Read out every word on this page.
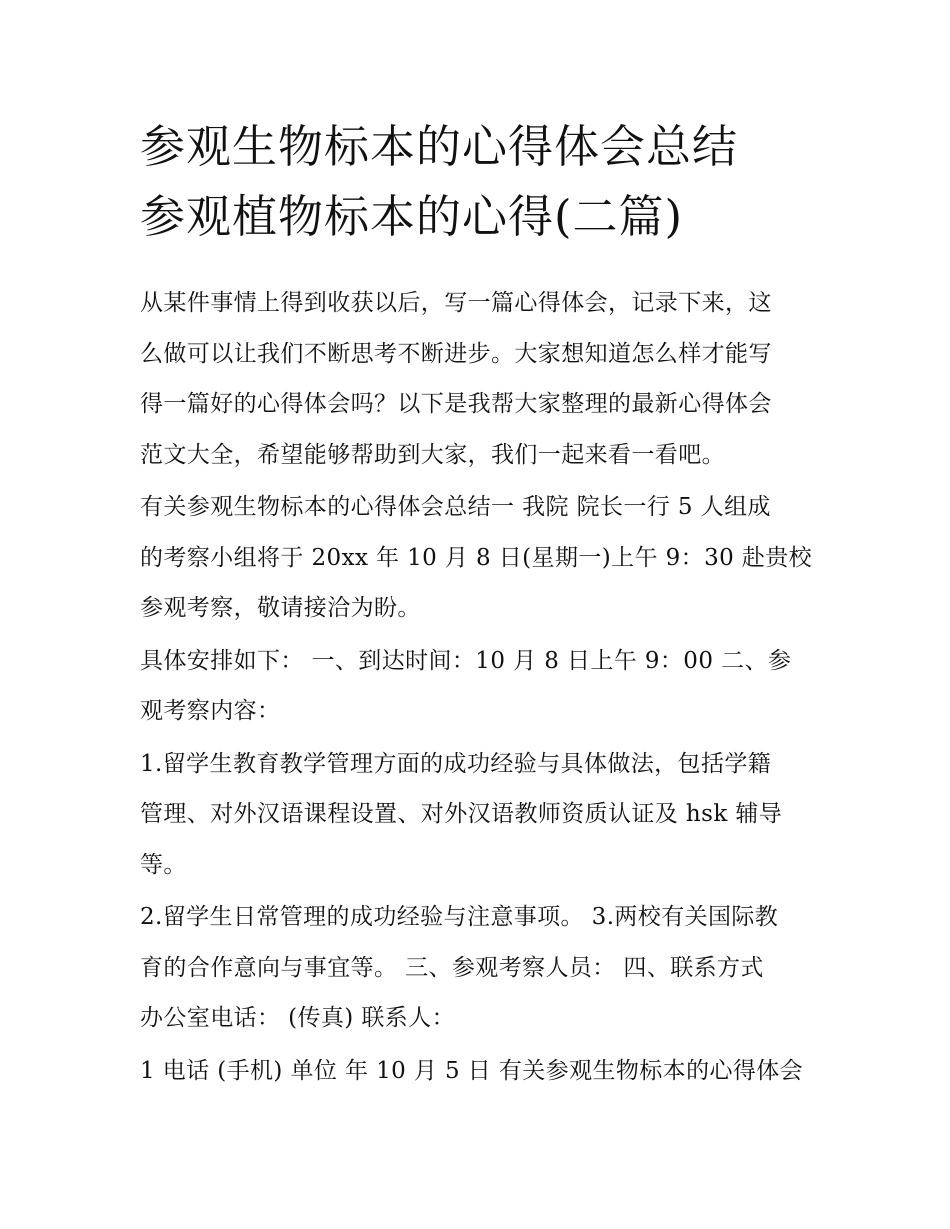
参观生物标本的心得体会总结
参观植物标本的心得(二篇)

从某件事情上得到收获以后，写一篇心得体会，记录下来，这
么做可以让我们不断思考不断进步。大家想知道怎么样才能写
得一篇好的心得体会吗？以下是我帮大家整理的最新心得体会
范文大全，希望能够帮助到大家，我们一起来看一看吧。

有关参观生物标本的心得体会总结一 我院 院长一行 5 人组成
的考察小组将于 20xx 年 10 月 8 日(星期一)上午 9：30 赴贵校
参观考察，敬请接洽为盼。

具体安排如下： 一、到达时间：10 月 8 日上午 9：00 二、参
观考察内容：

1.留学生教育教学管理方面的成功经验与具体做法，包括学籍
管理、对外汉语课程设置、对外汉语教师资质认证及 hsk 辅导
等。

2.留学生日常管理的成功经验与注意事项。 3.两校有关国际教
育的合作意向与事宜等。 三、参观考察人员： 四、联系方式
办公室电话： (传真) 联系人：

1 电话 (手机) 单位 年 10 月 5 日 有关参观生物标本的心得体会
